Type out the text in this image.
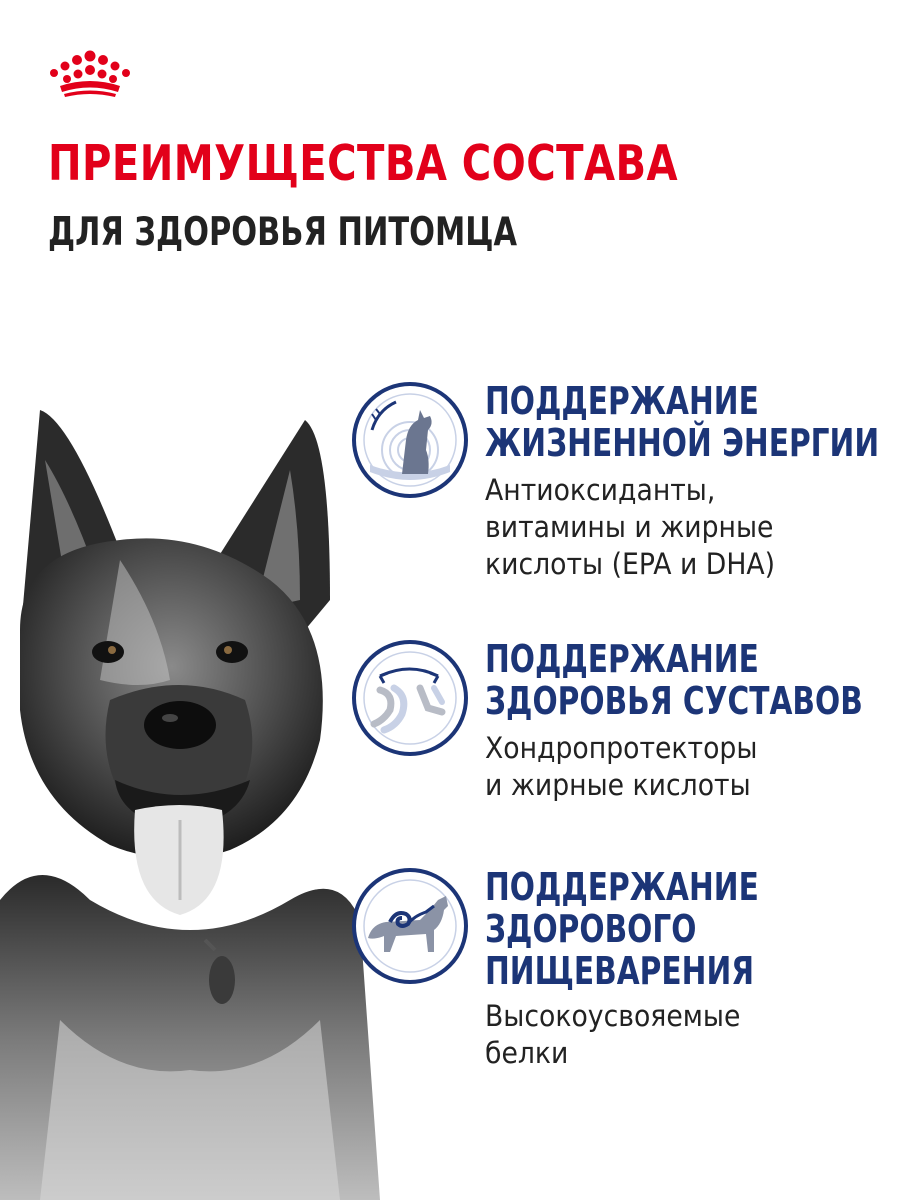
ПРЕИМУЩЕСТВА СОСТАВА
ДЛЯ ЗДОРОВЬЯ ПИТОМЦА
ПОДДЕРЖАНИЕ
ЖИЗНЕННОЙ ЭНЕРГИИ

Антиоксиданты,
витамины и жирные
кислоты (EPA и DHA)

ПОДДЕРЖАНИЕ
ЗДОРОВЬЯ СУСТАВОВ

Хондропротекторы
и жирные кислоты

ПОДДЕРЖАНИЕ
ЗДОРОВОГО
ПИЩЕВАРЕНИЯ

Высокоусвояемые
белки
